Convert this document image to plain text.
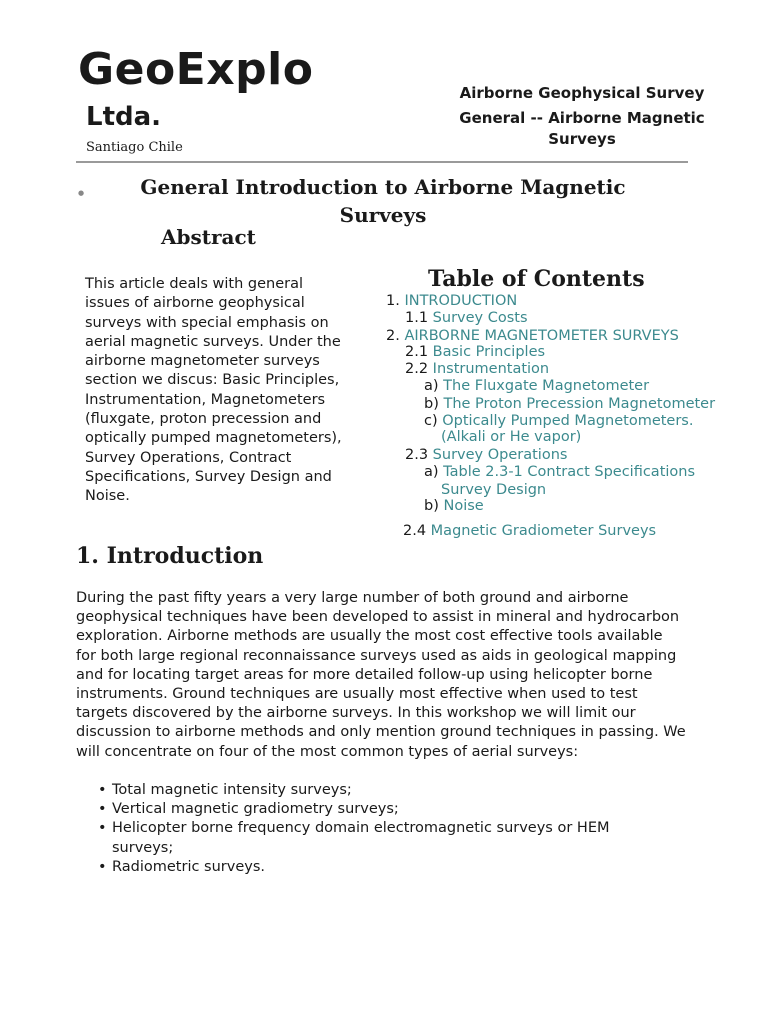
GeoExplo
Ltda.
Santiago Chile
Airborne Geophysical Survey
General -- Airborne Magnetic Surveys
●	General Introduction to Airborne Magnetic Surveys
Abstract
This article deals with general issues of airborne geophysical surveys with special emphasis on aerial magnetic surveys. Under the airborne magnetometer surveys section we discus: Basic Principles, Instrumentation, Magnetometers (fluxgate, proton precession and optically pumped magnetometers), Survey Operations, Contract Specifications, Survey Design and Noise.
Table of Contents
1. INTRODUCTION
1.1 Survey Costs
2. AIRBORNE MAGNETOMETER SURVEYS
2.1 Basic Principles
2.2 Instrumentation
a) The Fluxgate Magnetometer
b) The Proton Precession Magnetometer
c) Optically Pumped Magnetometers.
(Alkali or He vapor)
2.3 Survey Operations
a) Table 2.3-1 Contract Specifications
Survey Design
b) Noise
2.4 Magnetic Gradiometer Surveys
1. Introduction
During the past fifty years a very large number of both ground and airborne geophysical techniques have been developed to assist in mineral and hydrocarbon exploration. Airborne methods are usually the most cost effective tools available for both large regional reconnaissance surveys used as aids in geological mapping and for locating target areas for more detailed follow-up using helicopter borne instruments. Ground techniques are usually most effective when used to test targets discovered by the airborne surveys. In this workshop we will limit our discussion to airborne methods and only mention ground techniques in passing. We will concentrate on four of the most common types of aerial surveys:
• Total magnetic intensity surveys;
• Vertical magnetic gradiometry surveys;
• Helicopter borne frequency domain electromagnetic surveys or HEM surveys;
• Radiometric surveys.
